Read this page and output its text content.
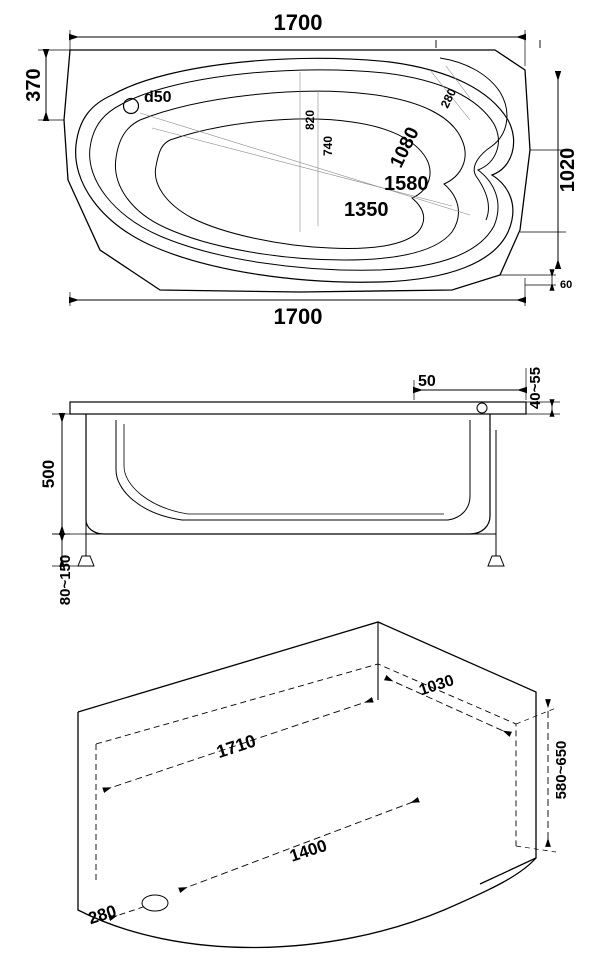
1700
1700
370
1020
60
d50
1580
1350
1080
820
740
280
50	40~55
500
80~150
1710
1030
1400
580~650
280
